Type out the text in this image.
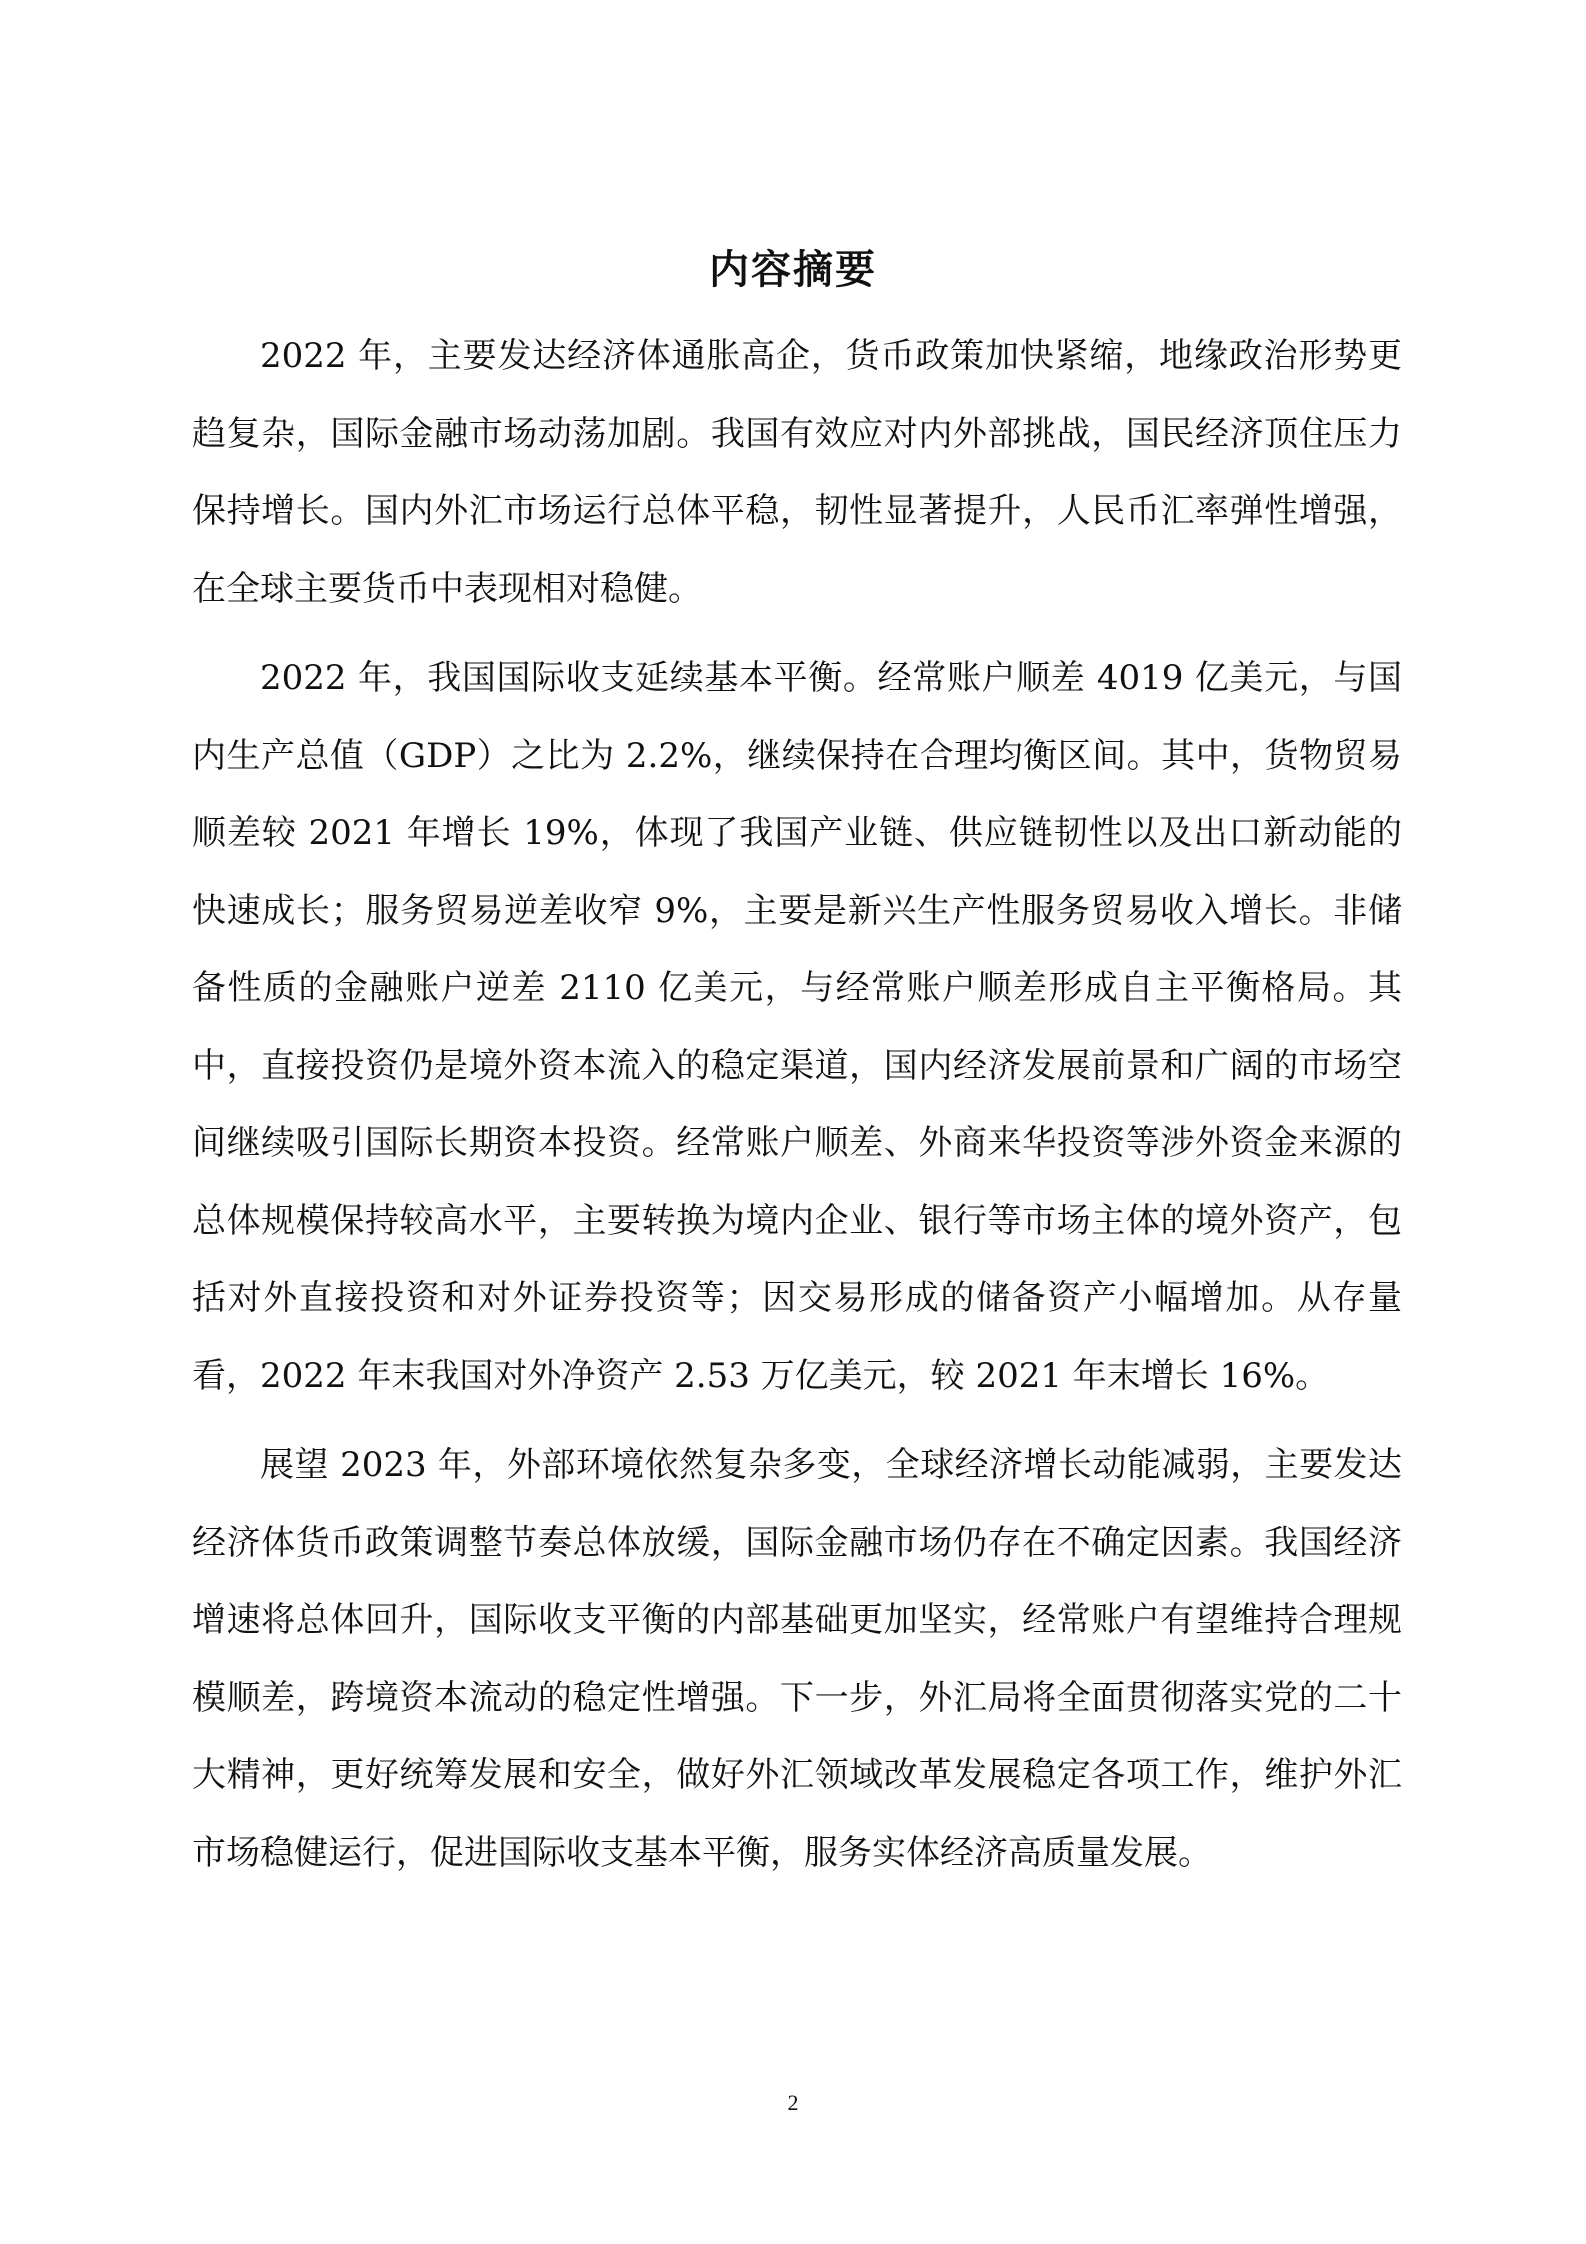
内容摘要

2022 年，主要发达经济体通胀高企，货币政策加快紧缩，地缘政治形势更趋复杂，国际金融市场动荡加剧。我国有效应对内外部挑战，国民经济顶住压力保持增长。国内外汇市场运行总体平稳，韧性显著提升，人民币汇率弹性增强，在全球主要货币中表现相对稳健。

2022 年，我国国际收支延续基本平衡。经常账户顺差 4019 亿美元，与国内生产总值（GDP）之比为 2.2%，继续保持在合理均衡区间。其中，货物贸易顺差较 2021 年增长 19%，体现了我国产业链、供应链韧性以及出口新动能的快速成长；服务贸易逆差收窄 9%，主要是新兴生产性服务贸易收入增长。非储备性质的金融账户逆差 2110 亿美元，与经常账户顺差形成自主平衡格局。其中，直接投资仍是境外资本流入的稳定渠道，国内经济发展前景和广阔的市场空间继续吸引国际长期资本投资。经常账户顺差、外商来华投资等涉外资金来源的总体规模保持较高水平，主要转换为境内企业、银行等市场主体的境外资产，包括对外直接投资和对外证券投资等；因交易形成的储备资产小幅增加。从存量看，2022 年末我国对外净资产 2.53 万亿美元，较 2021 年末增长 16%。

展望 2023 年，外部环境依然复杂多变，全球经济增长动能减弱，主要发达经济体货币政策调整节奏总体放缓，国际金融市场仍存在不确定因素。我国经济增速将总体回升，国际收支平衡的内部基础更加坚实，经常账户有望维持合理规模顺差，跨境资本流动的稳定性增强。下一步，外汇局将全面贯彻落实党的二十大精神，更好统筹发展和安全，做好外汇领域改革发展稳定各项工作，维护外汇市场稳健运行，促进国际收支基本平衡，服务实体经济高质量发展。

2
